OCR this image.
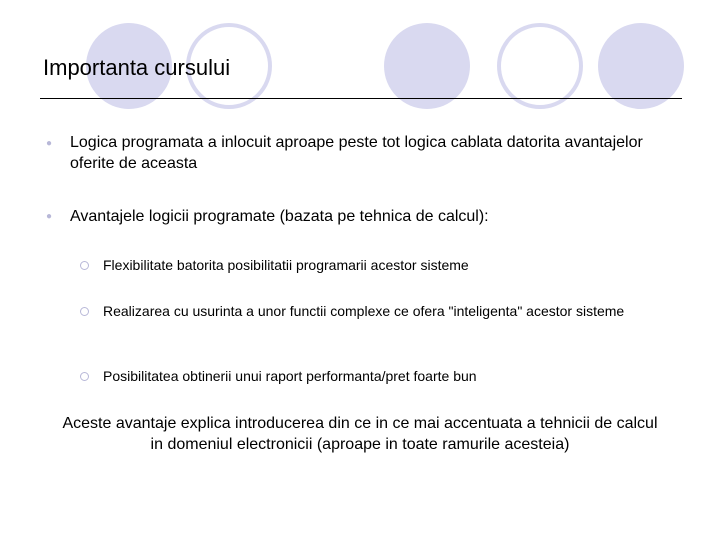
Importanta cursului
● Logica programata a inlocuit aproape peste tot logica cablata datorita avantajelor oferite de aceasta
● Avantajele logicii programate (bazata pe tehnica de calcul):
Flexibilitate batorita posibilitatii programarii acestor sisteme
Realizarea cu usurinta a unor functii complexe ce ofera "inteligenta" acestor sisteme
Posibilitatea obtinerii unui raport performanta/pret foarte bun
Aceste avantaje explica introducerea din ce in ce mai accentuata a tehnicii de calcul in domeniul electronicii (aproape in toate ramurile acesteia)
